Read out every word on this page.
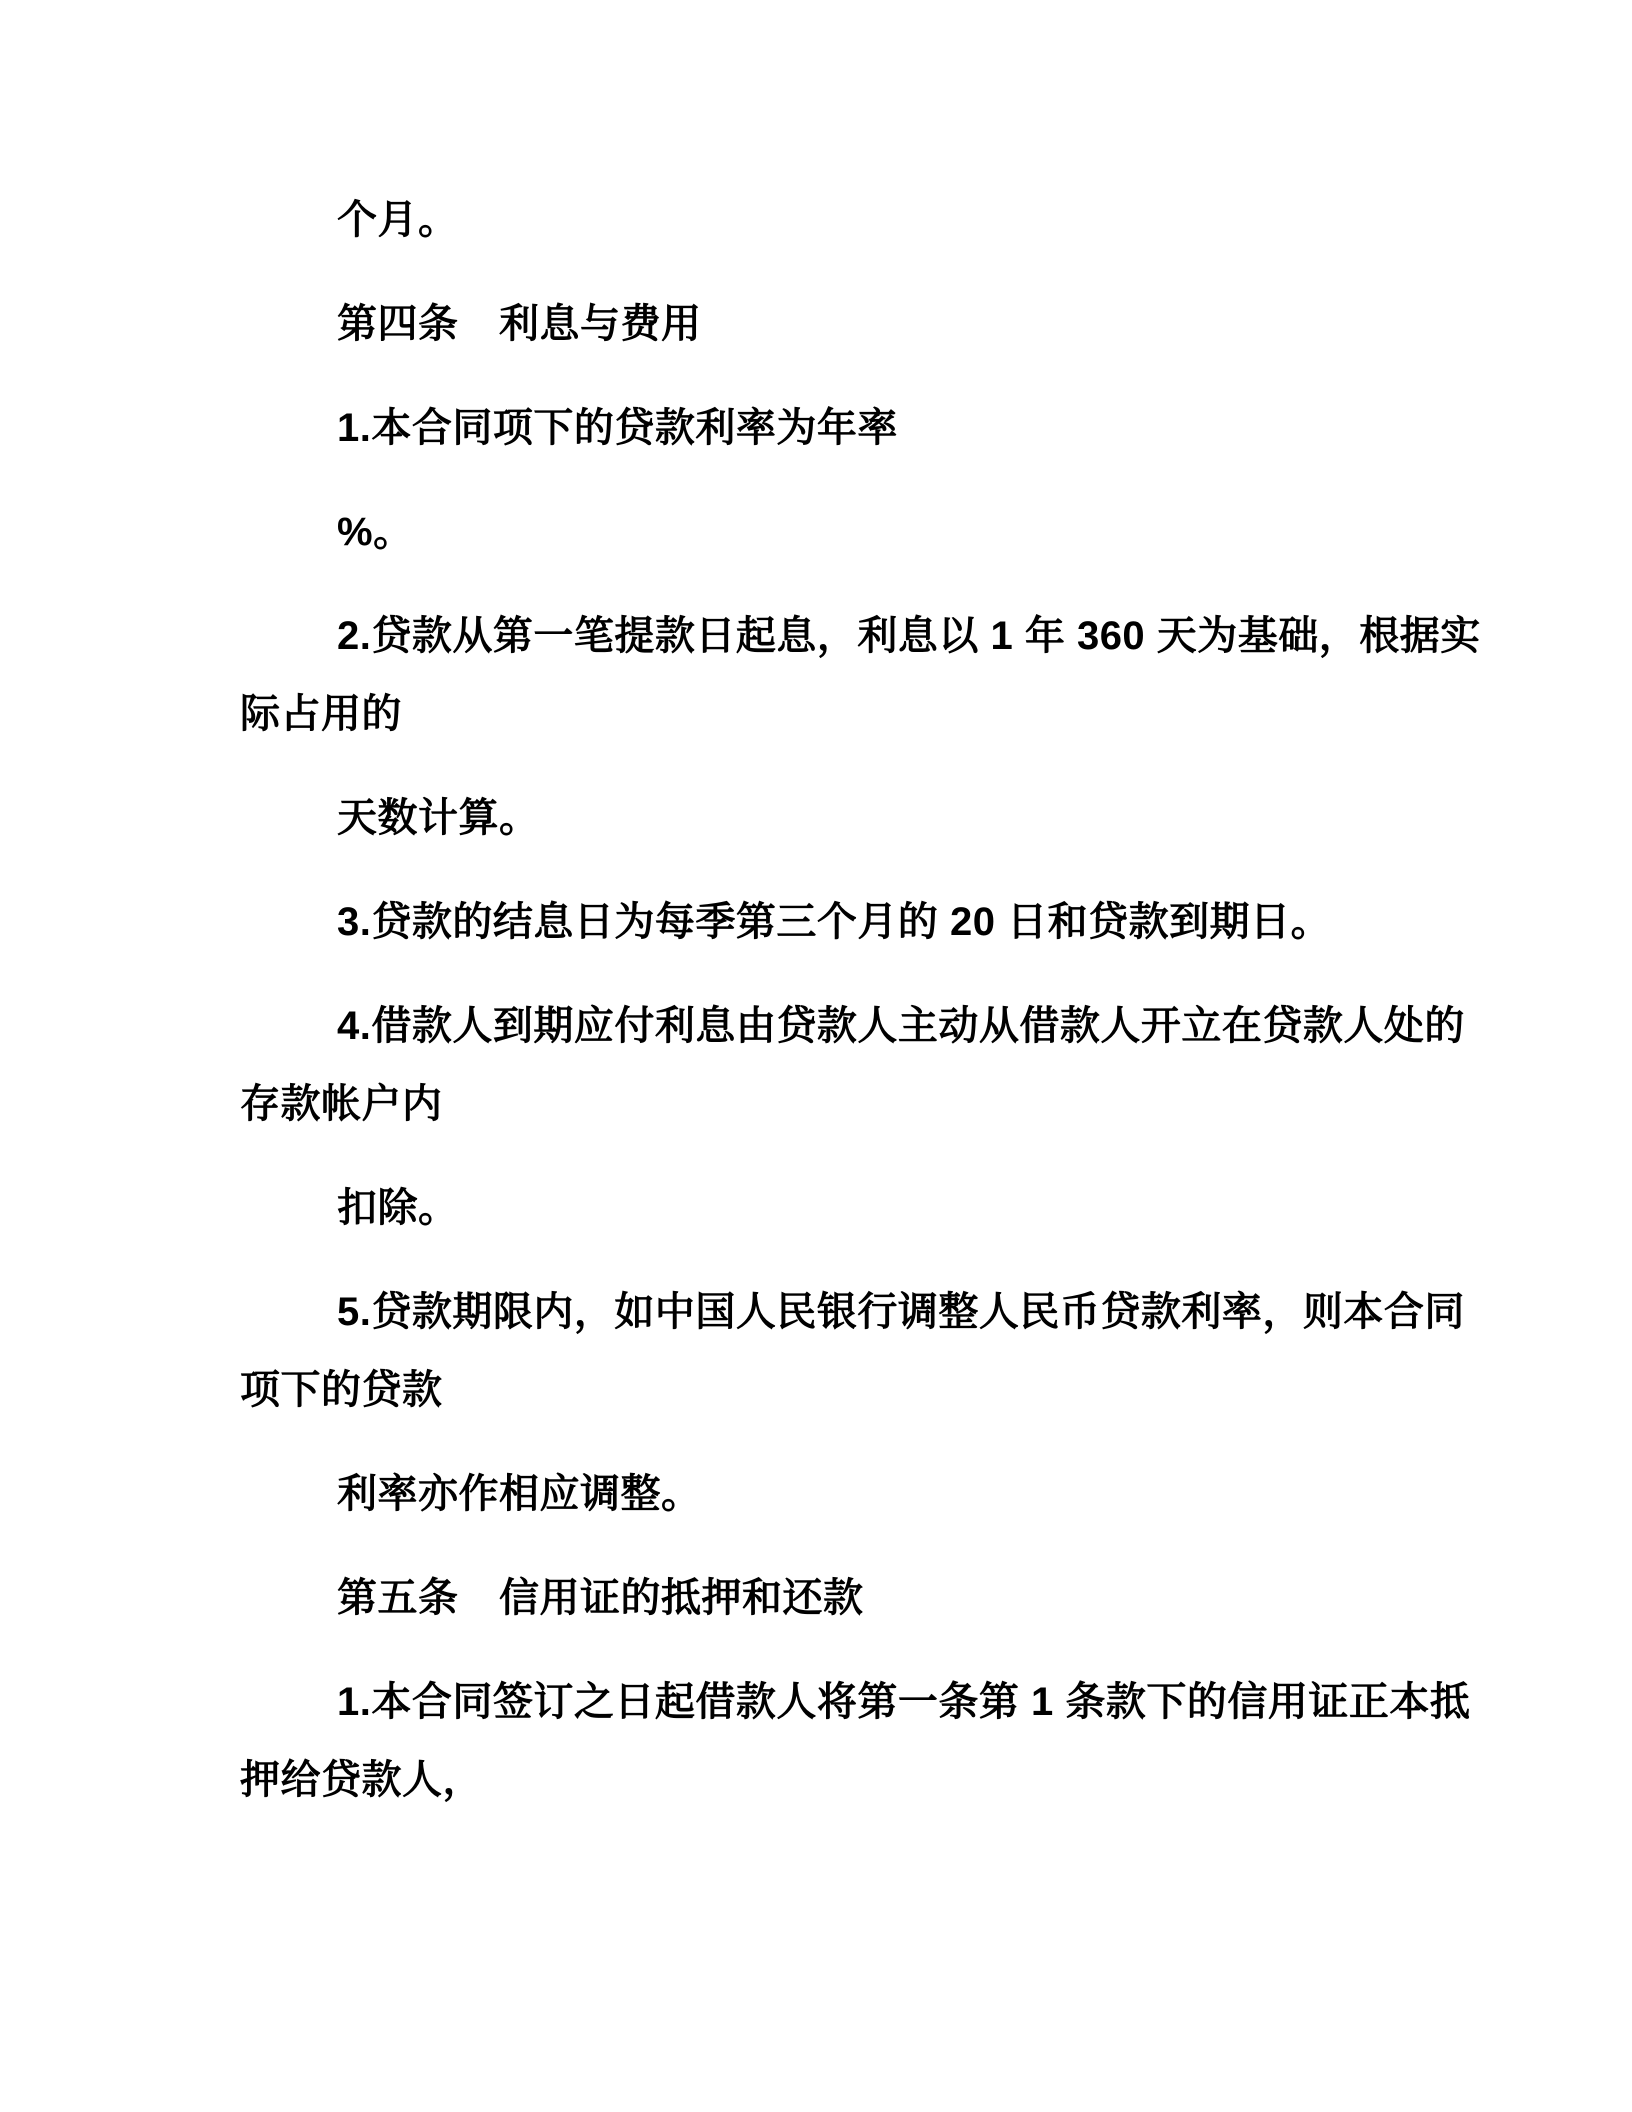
个月。
第四条　利息与费用
1.本合同项下的贷款利率为年率
%。
2.贷款从第一笔提款日起息，利息以 1 年 360 天为基础，根据实
际占用的
天数计算。
3.贷款的结息日为每季第三个月的 20 日和贷款到期日。
4.借款人到期应付利息由贷款人主动从借款人开立在贷款人处的
存款帐户内
扣除。
5.贷款期限内，如中国人民银行调整人民币贷款利率，则本合同
项下的贷款
利率亦作相应调整。
第五条　信用证的抵押和还款
1.本合同签订之日起借款人将第一条第 1 条款下的信用证正本抵
押给贷款人，
